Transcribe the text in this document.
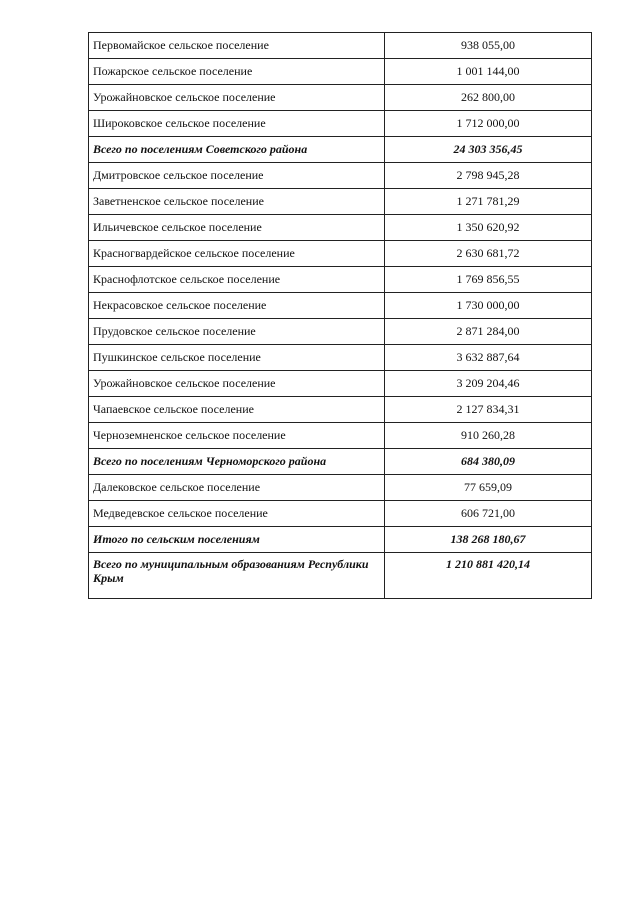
Первомайское сельское поселение	938 055,00
Пожарское сельское поселение	1 001 144,00
Урожайновское сельское поселение	262 800,00
Широковское сельское поселение	1 712 000,00
Всего по поселениям Советского района	24 303 356,45
Дмитровское сельское поселение	2 798 945,28
Заветненское сельское поселение	1 271 781,29
Ильичевское сельское поселение	1 350 620,92
Красногвардейское сельское поселение	2 630 681,72
Краснофлотское сельское поселение	1 769 856,55
Некрасовское сельское поселение	1 730 000,00
Прудовское сельское поселение	2 871 284,00
Пушкинское сельское поселение	3 632 887,64
Урожайновское сельское поселение	3 209 204,46
Чапаевское сельское поселение	2 127 834,31
Черноземненское сельское поселение	910 260,28
Всего по поселениям Черноморского района	684 380,09
Далековское сельское поселение	77 659,09
Медведевское сельское поселение	606 721,00
Итого по сельским поселениям	138 268 180,67
Всего по муниципальным образованиям Республики Крым	1 210 881 420,14
